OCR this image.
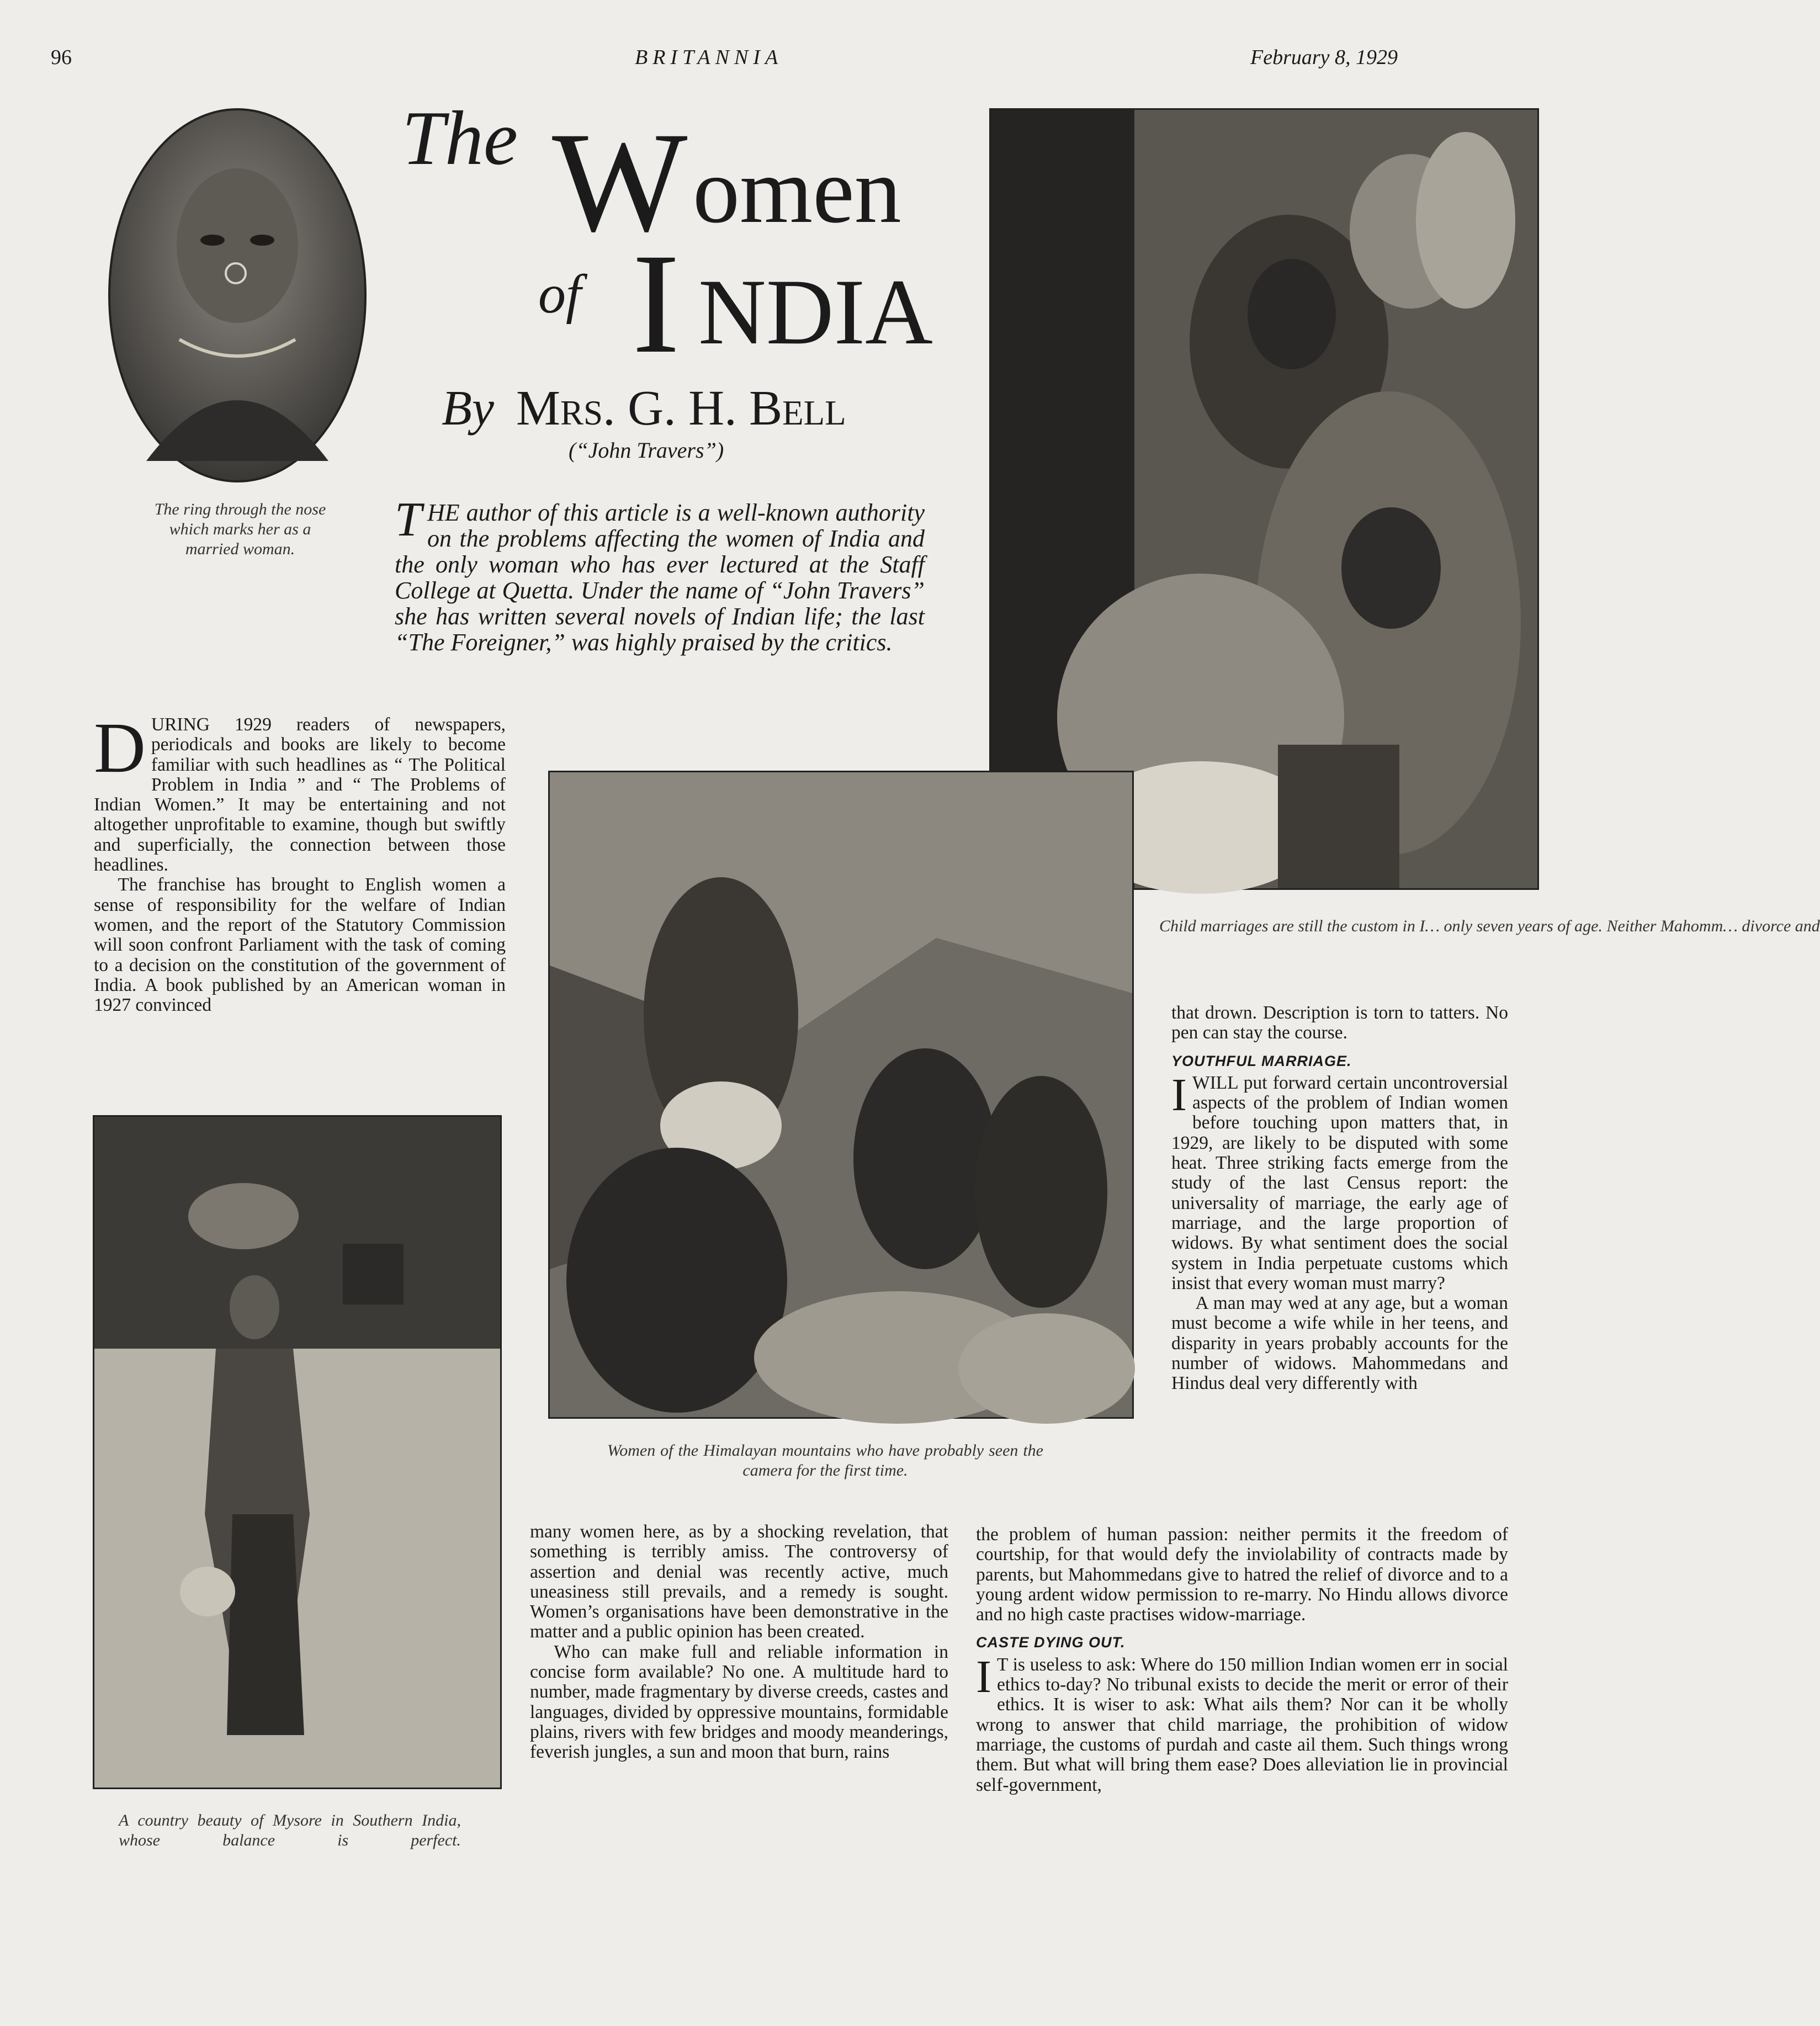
96	BRITANNIA	February 8, 1929
The ring through the nose which marks her as a married woman.
The W omen
of I NDIA
By Mrs. G. H. Bell
(“John Travers”)
T HE author of this article is a well-known authority on the problems affecting the women of India and the only woman who has ever lectured at the Staff College at Quetta. Under the name of “John Travers” she has written several novels of Indian life; the last “The Foreigner,” was highly praised by the critics.
Child marriages are still the custom in I… only seven years of age. Neither Mahomm… divorce and

DURING 1929 readers of newspapers, periodicals and books are likely to become familiar with such headlines as “ The Political Problem in India ” and “ The Problems of Indian Women.” It may be entertaining and not altogether unprofitable to examine, though but swiftly and superficially, the connection between those headlines.

The franchise has brought to English women a sense of responsibility for the welfare of Indian women, and the report of the Statutory Commission will soon confront Parliament with the task of coming to a decision on the constitution of the government of India. A book published by an American woman in 1927 convinced

Women of the Himalayan mountains who have probably seen the camera for the first time.
A country beauty of Mysore in Southern India, whose balance is perfect.

many women here, as by a shocking revelation, that something is terribly amiss. The controversy of assertion and denial was recently active, much uneasiness still prevails, and a remedy is sought. Women’s organisations have been demonstrative in the matter and a public opinion has been created.

Who can make full and reliable information in concise form available? No one. A multitude hard to number, made fragmentary by diverse creeds, castes and languages, divided by oppressive mountains, formidable plains, rivers with few bridges and moody meanderings, feverish jungles, a sun and moon that burn, rains

that drown. Description is torn to tatters. No pen can stay the course.

YOUTHFUL MARRIAGE.

IWILL put forward certain uncontroversial aspects of the problem of Indian women before touching upon matters that, in 1929, are likely to be disputed with some heat. Three striking facts emerge from the study of the last Census report: the universality of marriage, the early age of marriage, and the large proportion of widows. By what sentiment does the social system in India perpetuate customs which insist that every woman must marry?

A man may wed at any age, but a woman must become a wife while in her teens, and disparity in years probably accounts for the number of widows. Mahommedans and Hindus deal very differently with

the problem of human passion: neither permits it the freedom of courtship, for that would defy the inviolability of contracts made by parents, but Mahommedans give to hatred the relief of divorce and to a young ardent widow permission to re-marry. No Hindu allows divorce and no high caste practises widow-marriage.

CASTE DYING OUT.

I T is useless to ask: Where do 150 million Indian women err in social ethics to-day? No tribunal exists to decide the merit or error of their ethics. It is wiser to ask: What ails them? Nor can it be wholly wrong to answer that child marriage, the prohibition of widow marriage, the customs of purdah and caste ail them. Such things wrong them. But what will bring them ease? Does alleviation lie in provincial self-government,
